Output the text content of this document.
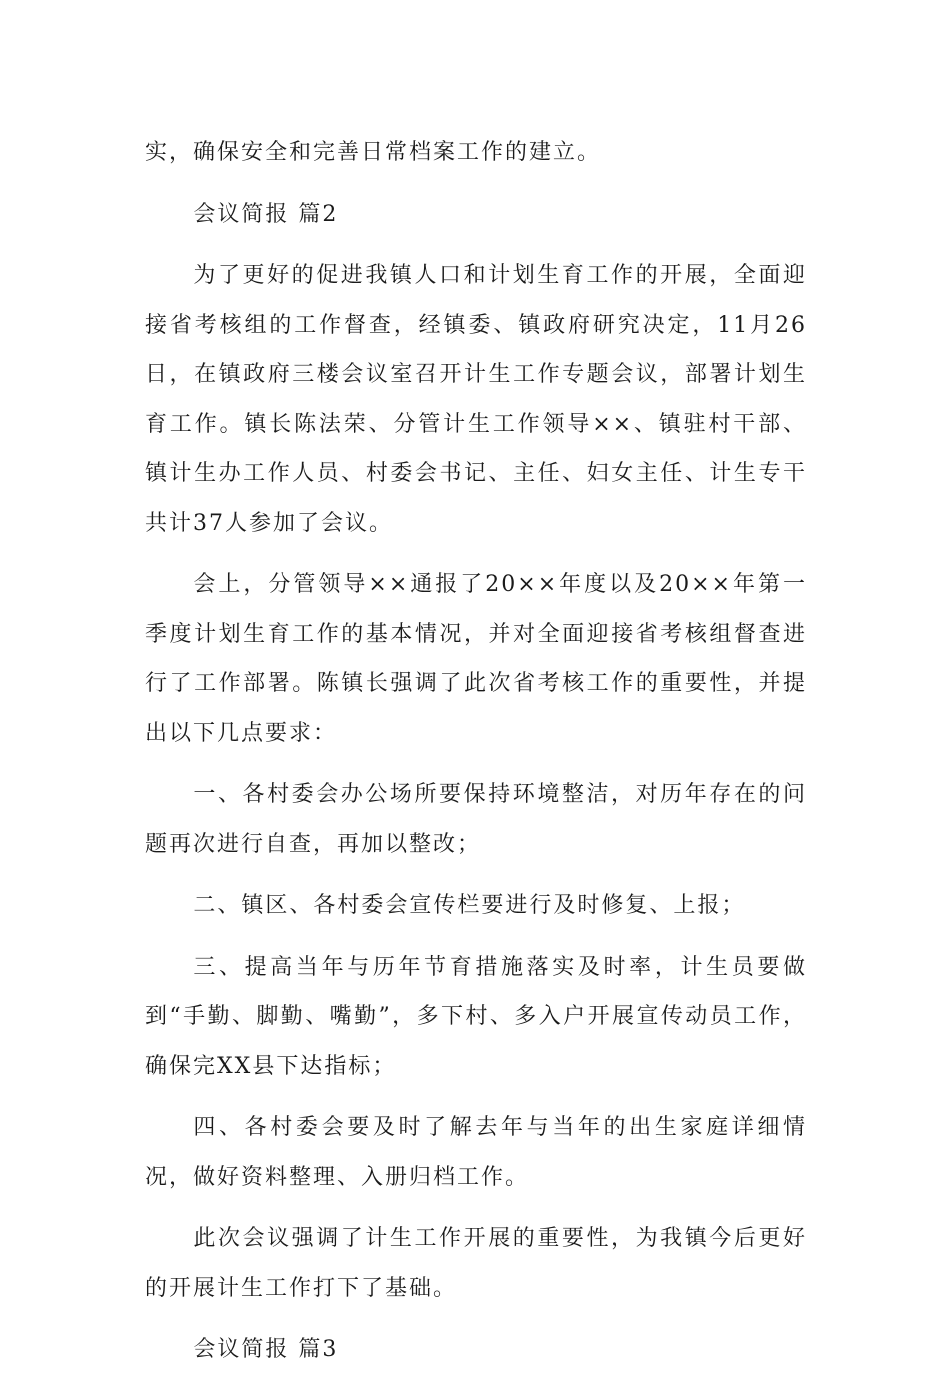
实，确保安全和完善日常档案工作的建立。

会议简报 篇2

为了更好的促进我镇人口和计划生育工作的开展，全面迎接省考核组的工作督查，经镇委、镇政府研究决定，11月26日，在镇政府三楼会议室召开计生工作专题会议，部署计划生育工作。镇长陈法荣、分管计生工作领导××、镇驻村干部、镇计生办工作人员、村委会书记、主任、妇女主任、计生专干共计37人参加了会议。

会上，分管领导××通报了20××年度以及20××年第一季度计划生育工作的基本情况，并对全面迎接省考核组督查进行了工作部署。陈镇长强调了此次省考核工作的重要性，并提出以下几点要求：

一、各村委会办公场所要保持环境整洁，对历年存在的问题再次进行自查，再加以整改；

二、镇区、各村委会宣传栏要进行及时修复、上报；

三、提高当年与历年节育措施落实及时率，计生员要做到“手勤、脚勤、嘴勤”，多下村、多入户开展宣传动员工作，确保完XX县下达指标；

四、各村委会要及时了解去年与当年的出生家庭详细情况，做好资料整理、入册归档工作。

此次会议强调了计生工作开展的重要性，为我镇今后更好的开展计生工作打下了基础。

会议简报 篇3
